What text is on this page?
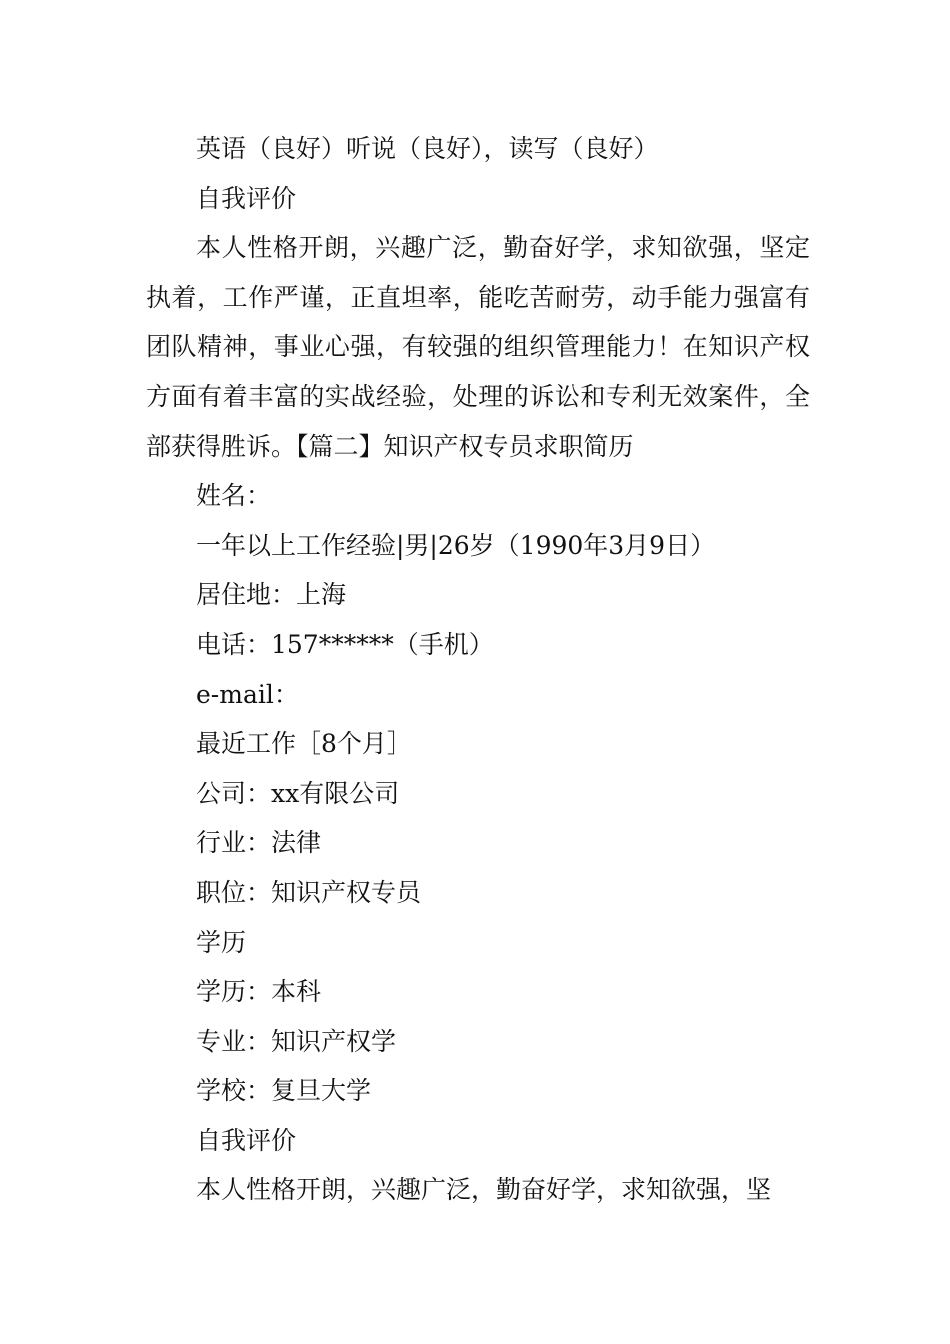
英语（良好）听说（良好），读写（良好）

自我评价

本人性格开朗，兴趣广泛，勤奋好学，求知欲强，坚定执着，工作严谨，正直坦率，能吃苦耐劳，动手能力强富有团队精神，事业心强，有较强的组织管理能力！在知识产权方面有着丰富的实战经验，处理的诉讼和专利无效案件，全部获得胜诉。【篇二】知识产权专员求职简历

姓名：

一年以上工作经验|男|26岁（1990年3月9日）

居住地：上海

电话：157******（手机）

e-mail：

最近工作［8个月］

公司：xx有限公司

行业：法律

职位：知识产权专员

学历

学历：本科

专业：知识产权学

学校：复旦大学

自我评价

本人性格开朗，兴趣广泛，勤奋好学，求知欲强，坚
